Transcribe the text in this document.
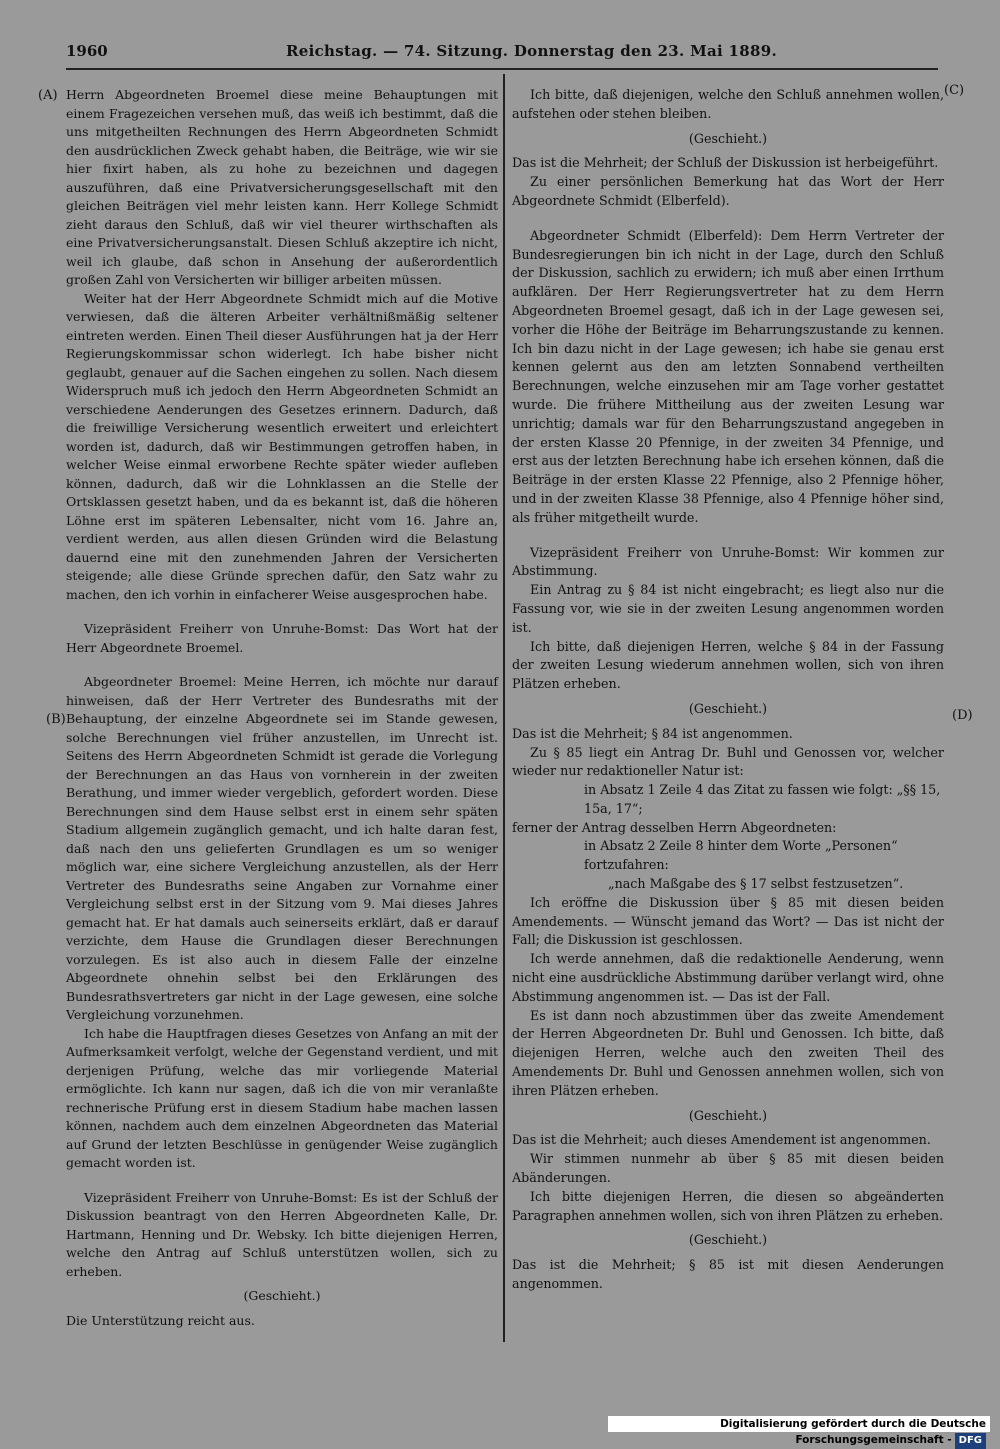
1960	Reichstag. — 74. Sitzung. Donnerstag den 23. Mai 1889.
(A)
(B)
(C)
(D)

Herrn Abgeordneten Broemel diese meine Behauptungen mit einem Fragezeichen versehen muß, das weiß ich bestimmt, daß die uns mitgetheilten Rechnungen des Herrn Abgeordneten Schmidt den ausdrücklichen Zweck gehabt haben, die Beiträge, wie wir sie hier fixirt haben, als zu hohe zu bezeichnen und dagegen auszuführen, daß eine Privatversicherungsgesellschaft mit den gleichen Beiträgen viel mehr leisten kann. Herr Kollege Schmidt zieht daraus den Schluß, daß wir viel theurer wirthschaften als eine Privatversicherungsanstalt. Diesen Schluß akzeptire ich nicht, weil ich glaube, daß schon in Ansehung der außerordentlich großen Zahl von Versicherten wir billiger arbeiten müssen.

Weiter hat der Herr Abgeordnete Schmidt mich auf die Motive verwiesen, daß die älteren Arbeiter verhältnißmäßig seltener eintreten werden. Einen Theil dieser Ausführungen hat ja der Herr Regierungskommissar schon widerlegt. Ich habe bisher nicht geglaubt, genauer auf die Sachen eingehen zu sollen. Nach diesem Widerspruch muß ich jedoch den Herrn Abgeordneten Schmidt an verschiedene Aenderungen des Gesetzes erinnern. Dadurch, daß die freiwillige Versicherung wesentlich erweitert und erleichtert worden ist, dadurch, daß wir Bestimmungen getroffen haben, in welcher Weise einmal erworbene Rechte später wieder aufleben können, dadurch, daß wir die Lohnklassen an die Stelle der Ortsklassen gesetzt haben, und da es bekannt ist, daß die höheren Löhne erst im späteren Lebensalter, nicht vom 16. Jahre an, verdient werden, aus allen diesen Gründen wird die Belastung dauernd eine mit den zunehmenden Jahren der Versicherten steigende; alle diese Gründe sprechen dafür, den Satz wahr zu machen, den ich vorhin in einfacherer Weise ausgesprochen habe.

Vizepräsident Freiherr von Unruhe-Bomst: Das Wort hat der Herr Abgeordnete Broemel.

Abgeordneter Broemel: Meine Herren, ich möchte nur darauf hinweisen, daß der Herr Vertreter des Bundesraths mit der Behauptung, der einzelne Abgeordnete sei im Stande gewesen, solche Berechnungen viel früher anzustellen, im Unrecht ist. Seitens des Herrn Abgeordneten Schmidt ist gerade die Vorlegung der Berechnungen an das Haus von vornherein in der zweiten Berathung, und immer wieder vergeblich, gefordert worden. Diese Berechnungen sind dem Hause selbst erst in einem sehr späten Stadium allgemein zugänglich gemacht, und ich halte daran fest, daß nach den uns gelieferten Grundlagen es um so weniger möglich war, eine sichere Vergleichung anzustellen, als der Herr Vertreter des Bundesraths seine Angaben zur Vornahme einer Vergleichung selbst erst in der Sitzung vom 9. Mai dieses Jahres gemacht hat. Er hat damals auch seinerseits erklärt, daß er darauf verzichte, dem Hause die Grundlagen dieser Berechnungen vorzulegen. Es ist also auch in diesem Falle der einzelne Abgeordnete ohnehin selbst bei den Erklärungen des Bundesrathsvertreters gar nicht in der Lage gewesen, eine solche Vergleichung vorzunehmen.

Ich habe die Hauptfragen dieses Gesetzes von Anfang an mit der Aufmerksamkeit verfolgt, welche der Gegenstand verdient, und mit derjenigen Prüfung, welche das mir vorliegende Material ermöglichte. Ich kann nur sagen, daß ich die von mir veranlaßte rechnerische Prüfung erst in diesem Stadium habe machen lassen können, nachdem auch dem einzelnen Abgeordneten das Material auf Grund der letzten Beschlüsse in genügender Weise zugänglich gemacht worden ist.

Vizepräsident Freiherr von Unruhe-Bomst: Es ist der Schluß der Diskussion beantragt von den Herren Abgeordneten Kalle, Dr. Hartmann, Henning und Dr. Websky. Ich bitte diejenigen Herren, welche den Antrag auf Schluß unterstützen wollen, sich zu erheben.

(Geschieht.)

Die Unterstützung reicht aus.

Ich bitte, daß diejenigen, welche den Schluß annehmen wollen, aufstehen oder stehen bleiben.

(Geschieht.)

Das ist die Mehrheit; der Schluß der Diskussion ist herbeigeführt.

Zu einer persönlichen Bemerkung hat das Wort der Herr Abgeordnete Schmidt (Elberfeld).

Abgeordneter Schmidt (Elberfeld): Dem Herrn Vertreter der Bundesregierungen bin ich nicht in der Lage, durch den Schluß der Diskussion, sachlich zu erwidern; ich muß aber einen Irrthum aufklären. Der Herr Regierungsvertreter hat zu dem Herrn Abgeordneten Broemel gesagt, daß ich in der Lage gewesen sei, vorher die Höhe der Beiträge im Beharrungszustande zu kennen. Ich bin dazu nicht in der Lage gewesen; ich habe sie genau erst kennen gelernt aus den am letzten Sonnabend vertheilten Berechnungen, welche einzusehen mir am Tage vorher gestattet wurde. Die frühere Mittheilung aus der zweiten Lesung war unrichtig; damals war für den Beharrungszustand angegeben in der ersten Klasse 20 Pfennige, in der zweiten 34 Pfennige, und erst aus der letzten Berechnung habe ich ersehen können, daß die Beiträge in der ersten Klasse 22 Pfennige, also 2 Pfennige höher, und in der zweiten Klasse 38 Pfennige, also 4 Pfennige höher sind, als früher mitgetheilt wurde.

Vizepräsident Freiherr von Unruhe-Bomst: Wir kommen zur Abstimmung.

Ein Antrag zu § 84 ist nicht eingebracht; es liegt also nur die Fassung vor, wie sie in der zweiten Lesung angenommen worden ist.

Ich bitte, daß diejenigen Herren, welche § 84 in der Fassung der zweiten Lesung wiederum annehmen wollen, sich von ihren Plätzen erheben.

(Geschieht.)

Das ist die Mehrheit; § 84 ist angenommen.

Zu § 85 liegt ein Antrag Dr. Buhl und Genossen vor, welcher wieder nur redaktioneller Natur ist:

in Absatz 1 Zeile 4 das Zitat zu fassen wie folgt: „§§ 15, 15a, 17“;

ferner der Antrag desselben Herrn Abgeordneten:

in Absatz 2 Zeile 8 hinter dem Worte „Personen“ fortzufahren:

„nach Maßgabe des § 17 selbst festzusetzen“.

Ich eröffne die Diskussion über § 85 mit diesen beiden Amendements. — Wünscht jemand das Wort? — Das ist nicht der Fall; die Diskussion ist geschlossen.

Ich werde annehmen, daß die redaktionelle Aenderung, wenn nicht eine ausdrückliche Abstimmung darüber verlangt wird, ohne Abstimmung angenommen ist. — Das ist der Fall.

Es ist dann noch abzustimmen über das zweite Amendement der Herren Abgeordneten Dr. Buhl und Genossen. Ich bitte, daß diejenigen Herren, welche auch den zweiten Theil des Amendements Dr. Buhl und Genossen annehmen wollen, sich von ihren Plätzen erheben.

(Geschieht.)

Das ist die Mehrheit; auch dieses Amendement ist angenommen.

Wir stimmen nunmehr ab über § 85 mit diesen beiden Abänderungen.

Ich bitte diejenigen Herren, die diesen so abgeänderten Paragraphen annehmen wollen, sich von ihren Plätzen zu erheben.

(Geschieht.)

Das ist die Mehrheit; § 85 ist mit diesen Aenderungen angenommen.

Digitalisierung gefördert durch die Deutsche Forschungsgemeinschaft - DFG
